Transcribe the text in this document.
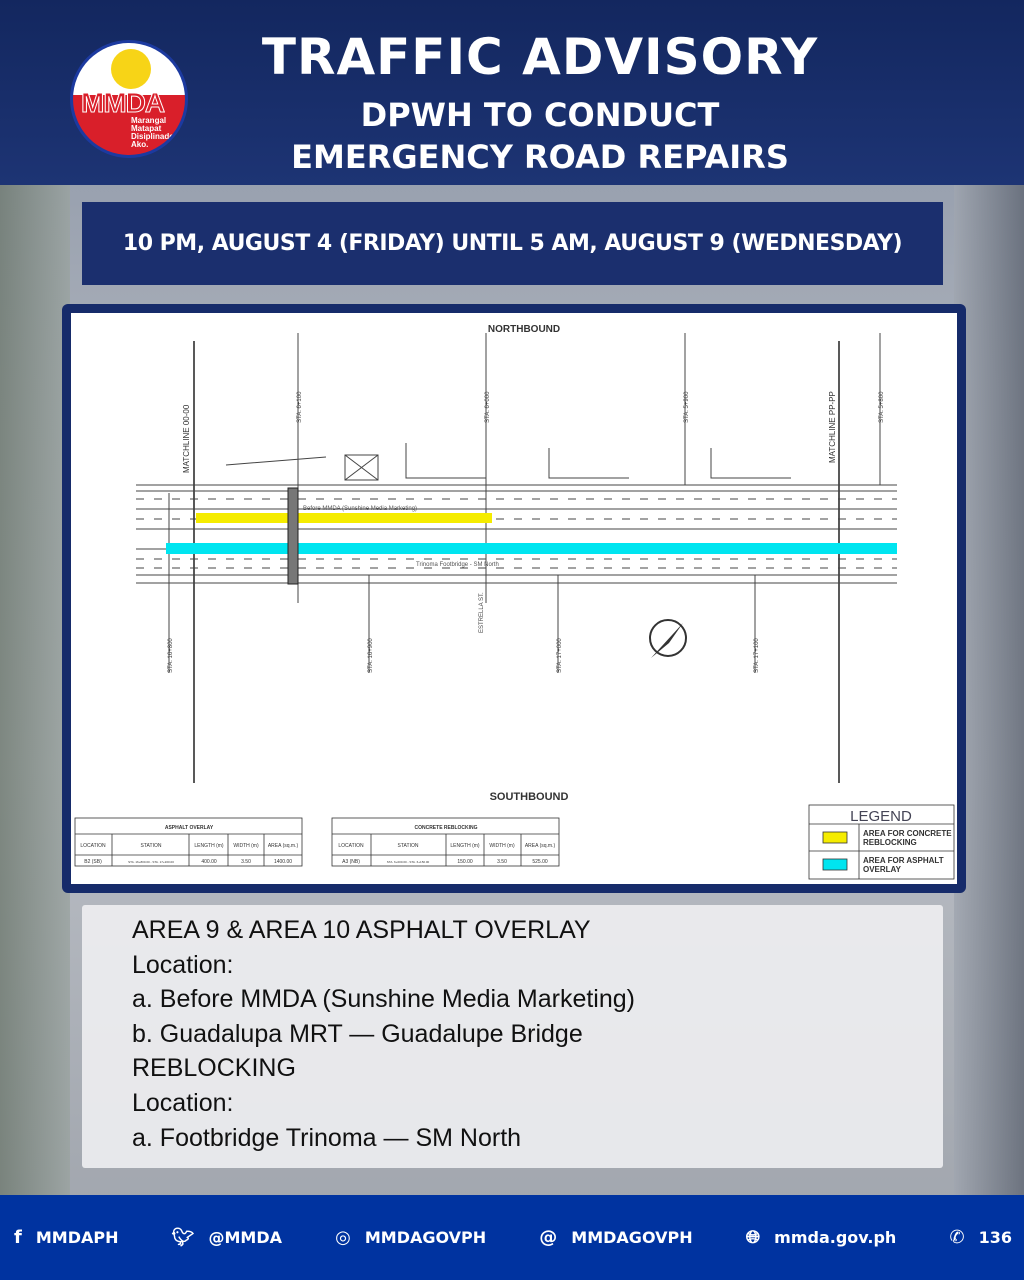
MMDA
Marangal
Matapat
Disiplinado
Ako.
TRAFFIC ADVISORY
DPWH TO CONDUCT
EMERGENCY ROAD REPAIRS
10 PM, AUGUST 4 (FRIDAY) UNTIL 5 AM, AUGUST 9 (WEDNESDAY)
NORTHBOUND
SOUTHBOUND
MATCHLINE 00-00	MATCHLINE PP-PP
Before MMDA (Sunshine Media Marketing)
Trinoma Footbridge - SM North
STA. 6+100	STA. 6+000	STA. 5+900	STA. 5+800
STA. 16+800	STA. 16+900	STA. 17+000	STA. 17+100
ESTRELLA ST.
ASPHALT OVERLAY
LOCATION	STATION	LENGTH (m) WIDTH (m) AREA (sq.m.)
B2 (SB)	STA. 16+800.00 - STA. 17+200.00	400.00	3.50	1400.00
CONCRETE REBLOCKING
LOCATION	STATION	LENGTH (m) WIDTH (m) AREA (sq.m.)
A3 (NB)	STA. 6+000.00 - STA. 6+150.00	150.00	3.50	525.00
LEGEND
AREA FOR CONCRETE REBLOCKING
AREA FOR ASPHALT OVERLAY
AREA 9 & AREA 10 ASPHALT OVERLAY
Location:
a. Before MMDA (Sunshine Media Marketing)
b. Guadalupa MRT — Guadalupe Bridge
REBLOCKING
Location:
a. Footbridge Trinoma — SM North
f MMDAPH	🐦︎ @MMDA	◎ MMDAGOVPH	@ MMDAGOVPH	🌐︎ mmda.gov.ph	✆ 136
